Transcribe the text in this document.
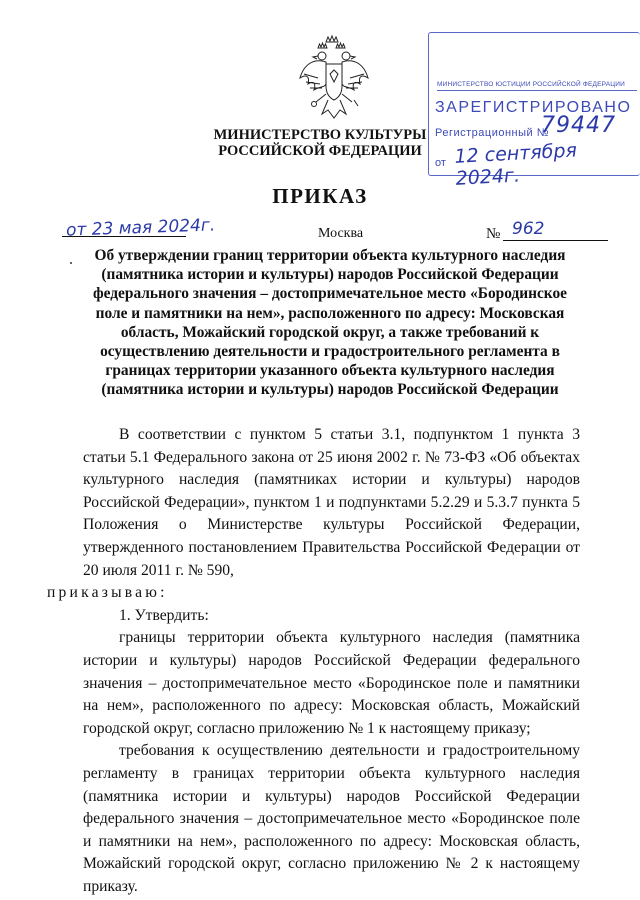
МИНИСТЕРСТВО КУЛЬТУРЫ
РОССИЙСКОЙ ФЕДЕРАЦИИ
МИНИСТЕРСТВО ЮСТИЦИИ РОССИЙСКОЙ ФЕДЕРАЦИИ
ЗАРЕГИСТРИРОВАНО
Регистрационный №
79447
от 12 сентября 2024г.
ПРИКАЗ
от 23 мая 2024г.	Москва	№ 962
Об утверждении границ территории объекта культурного наследия (памятника истории и культуры) народов Российской Федерации федерального значения – достопримечательное место «Бородинское поле и памятники на нем», расположенного по адресу: Московская область, Можайский городской округ, а также требований к осуществлению деятельности и градостроительного регламента в границах территории указанного объекта культурного наследия (памятника истории и культуры) народов Российской Федерации

В соответствии с пунктом 5 статьи 3.1, подпунктом 1 пункта 3 статьи 5.1 Федерального закона от 25 июня 2002 г. № 73-ФЗ «Об объектах культурного наследия (памятниках истории и культуры) народов Российской Федерации», пунктом 1 и подпунктами 5.2.29 и 5.3.7 пункта 5 Положения о Министерстве культуры Российской Федерации, утвержденного постановлением Правительства Российской Федерации от 20 июля 2011 г. № 590,
приказываю:

1. Утвердить:

границы территории объекта культурного наследия (памятника истории и культуры) народов Российской Федерации федерального значения – достопримечательное место «Бородинское поле и памятники на нем», расположенного по адресу: Московская область, Можайский городской округ, согласно приложению № 1 к настоящему приказу;

требования к осуществлению деятельности и градостроительному регламенту в границах территории объекта культурного наследия (памятника истории и культуры) народов Российской Федерации федерального значения – достопримечательное место «Бородинское поле и памятники на нем», расположенного по адресу: Московская область, Можайский городской округ, согласно приложению № 2 к настоящему приказу.
